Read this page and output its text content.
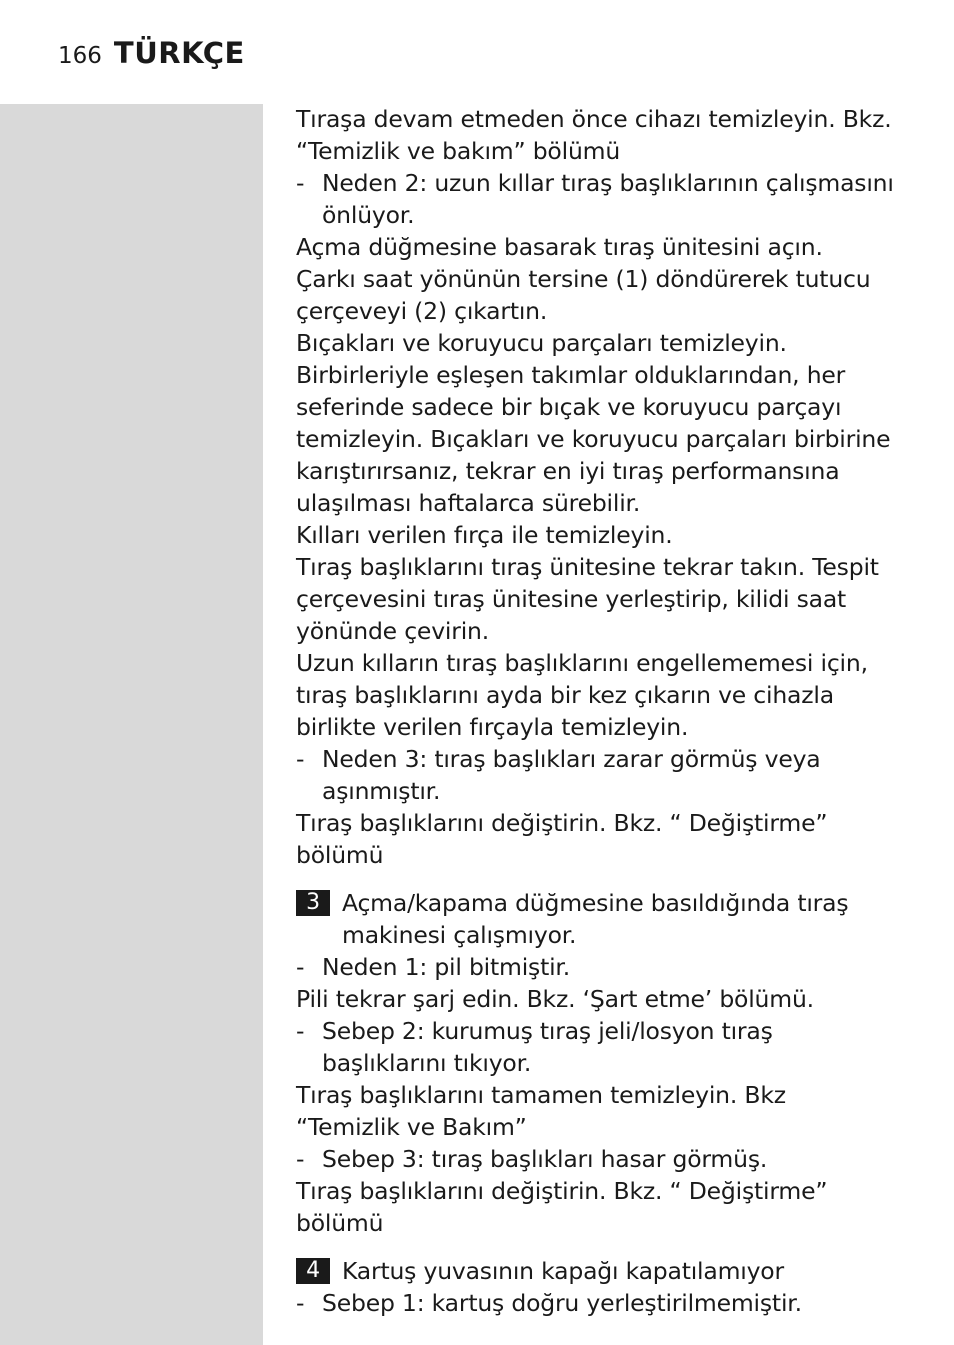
166 TÜRKÇE

Tıraşa devam etmeden önce cihazı temizleyin. Bkz. “Temizlik ve bakım” bölümü

- Neden 2: uzun kıllar tıraş başlıklarının çalışmasını önlüyor.

Açma düğmesine basarak tıraş ünitesini açın.

Çarkı saat yönünün tersine (1) döndürerek tutucu çerçeveyi (2) çıkartın.

Bıçakları ve koruyucu parçaları temizleyin. Birbirleriyle eşleşen takımlar olduklarından, her seferinde sadece bir bıçak ve koruyucu parçayı temizleyin. Bıçakları ve koruyucu parçaları birbirine karıştırırsanız, tekrar en iyi tıraş performansına ulaşılması haftalarca sürebilir.

Kılları verilen fırça ile temizleyin.

Tıraş başlıklarını tıraş ünitesine tekrar takın. Tespit çerçevesini tıraş ünitesine yerleştirip, kilidi saat yönünde çevirin.

Uzun kılların tıraş başlıklarını engellememesi için, tıraş başlıklarını ayda bir kez çıkarın ve cihazla birlikte verilen fırçayla temizleyin.

- Neden 3: tıraş başlıkları zarar görmüş veya aşınmıştır.

Tıraş başlıklarını değiştirin. Bkz. “ Değiştirme” bölümü

3 Açma/kapama düğmesine basıldığında tıraş makinesi çalışmıyor.
- Neden 1: pil bitmiştir.

Pili tekrar şarj edin. Bkz. ‘Şart etme’ bölümü.

- Sebep 2: kurumuş tıraş jeli/losyon tıraş başlıklarını tıkıyor.

Tıraş başlıklarını tamamen temizleyin. Bkz “Temizlik ve Bakım”

- Sebep 3: tıraş başlıkları hasar görmüş.

Tıraş başlıklarını değiştirin. Bkz. “ Değiştirme” bölümü

4 Kartuş yuvasının kapağı kapatılamıyor
- Sebep 1: kartuş doğru yerleştirilmemiştir.
